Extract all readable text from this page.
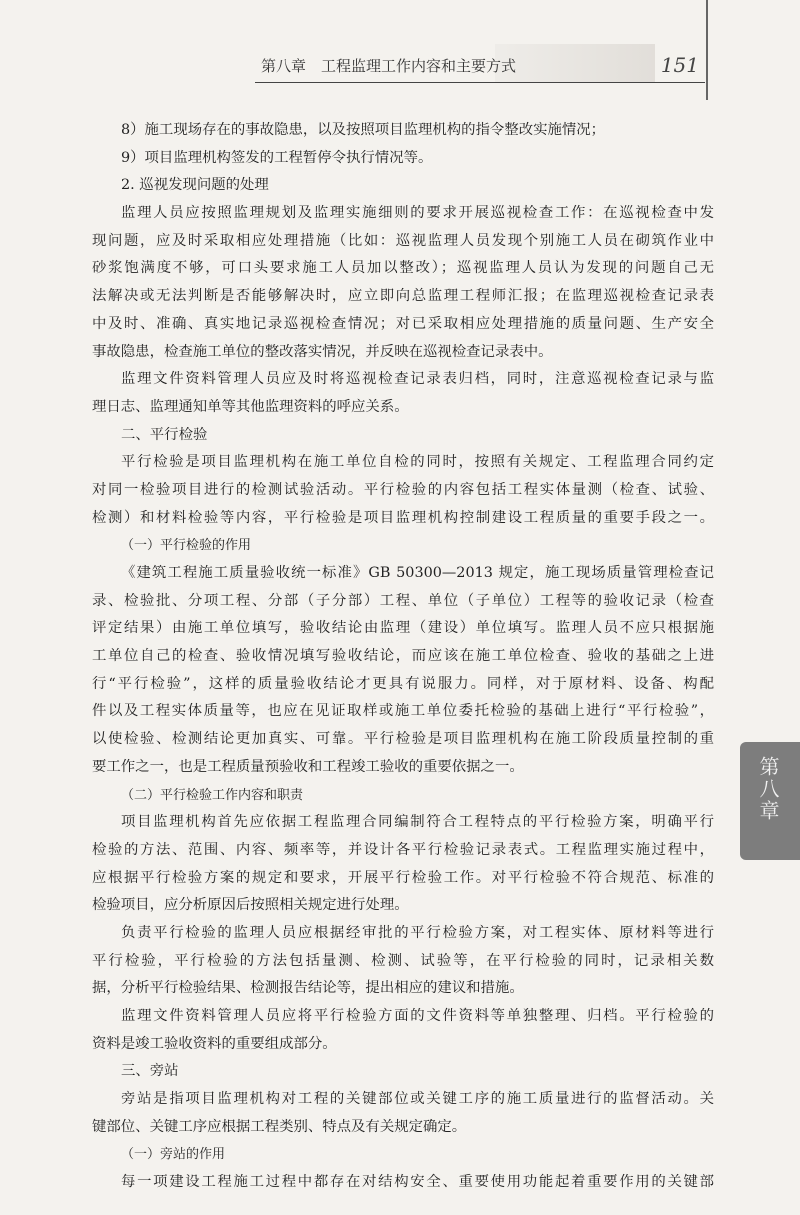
第八章　工程监理工作内容和主要方式	151
8）施工现场存在的事故隐患，以及按照项目监理机构的指令整改实施情况；
9）项目监理机构签发的工程暂停令执行情况等。
2. 巡视发现问题的处理
监理人员应按照监理规划及监理实施细则的要求开展巡视检查工作：在巡视检查中发
现问题，应及时采取相应处理措施（比如：巡视监理人员发现个别施工人员在砌筑作业中
砂浆饱满度不够，可口头要求施工人员加以整改）；巡视监理人员认为发现的问题自己无
法解决或无法判断是否能够解决时，应立即向总监理工程师汇报；在监理巡视检查记录表
中及时、准确、真实地记录巡视检查情况；对已采取相应处理措施的质量问题、生产安全
事故隐患，检查施工单位的整改落实情况，并反映在巡视检查记录表中。
监理文件资料管理人员应及时将巡视检查记录表归档，同时，注意巡视检查记录与监
理日志、监理通知单等其他监理资料的呼应关系。
二、平行检验
平行检验是项目监理机构在施工单位自检的同时，按照有关规定、工程监理合同约定
对同一检验项目进行的检测试验活动。平行检验的内容包括工程实体量测（检查、试验、
检测）和材料检验等内容，平行检验是项目监理机构控制建设工程质量的重要手段之一。
（一）平行检验的作用
《建筑工程施工质量验收统一标准》GB 50300—2013 规定，施工现场质量管理检查记
录、检验批、分项工程、分部（子分部）工程、单位（子单位）工程等的验收记录（检查
评定结果）由施工单位填写，验收结论由监理（建设）单位填写。监理人员不应只根据施
工单位自己的检查、验收情况填写验收结论，而应该在施工单位检查、验收的基础之上进
行“平行检验”，这样的质量验收结论才更具有说服力。同样，对于原材料、设备、构配
件以及工程实体质量等，也应在见证取样或施工单位委托检验的基础上进行“平行检验”，
以使检验、检测结论更加真实、可靠。平行检验是项目监理机构在施工阶段质量控制的重
要工作之一，也是工程质量预验收和工程竣工验收的重要依据之一。
（二）平行检验工作内容和职责
项目监理机构首先应依据工程监理合同编制符合工程特点的平行检验方案，明确平行
检验的方法、范围、内容、频率等，并设计各平行检验记录表式。工程监理实施过程中，
应根据平行检验方案的规定和要求，开展平行检验工作。对平行检验不符合规范、标准的
检验项目，应分析原因后按照相关规定进行处理。
负责平行检验的监理人员应根据经审批的平行检验方案，对工程实体、原材料等进行
平行检验，平行检验的方法包括量测、检测、试验等，在平行检验的同时，记录相关数
据，分析平行检验结果、检测报告结论等，提出相应的建议和措施。
监理文件资料管理人员应将平行检验方面的文件资料等单独整理、归档。平行检验的
资料是竣工验收资料的重要组成部分。
三、旁站
旁站是指项目监理机构对工程的关键部位或关键工序的施工质量进行的监督活动。关
键部位、关键工序应根据工程类别、特点及有关规定确定。
（一）旁站的作用
每一项建设工程施工过程中都存在对结构安全、重要使用功能起着重要作用的关键部
第八章
